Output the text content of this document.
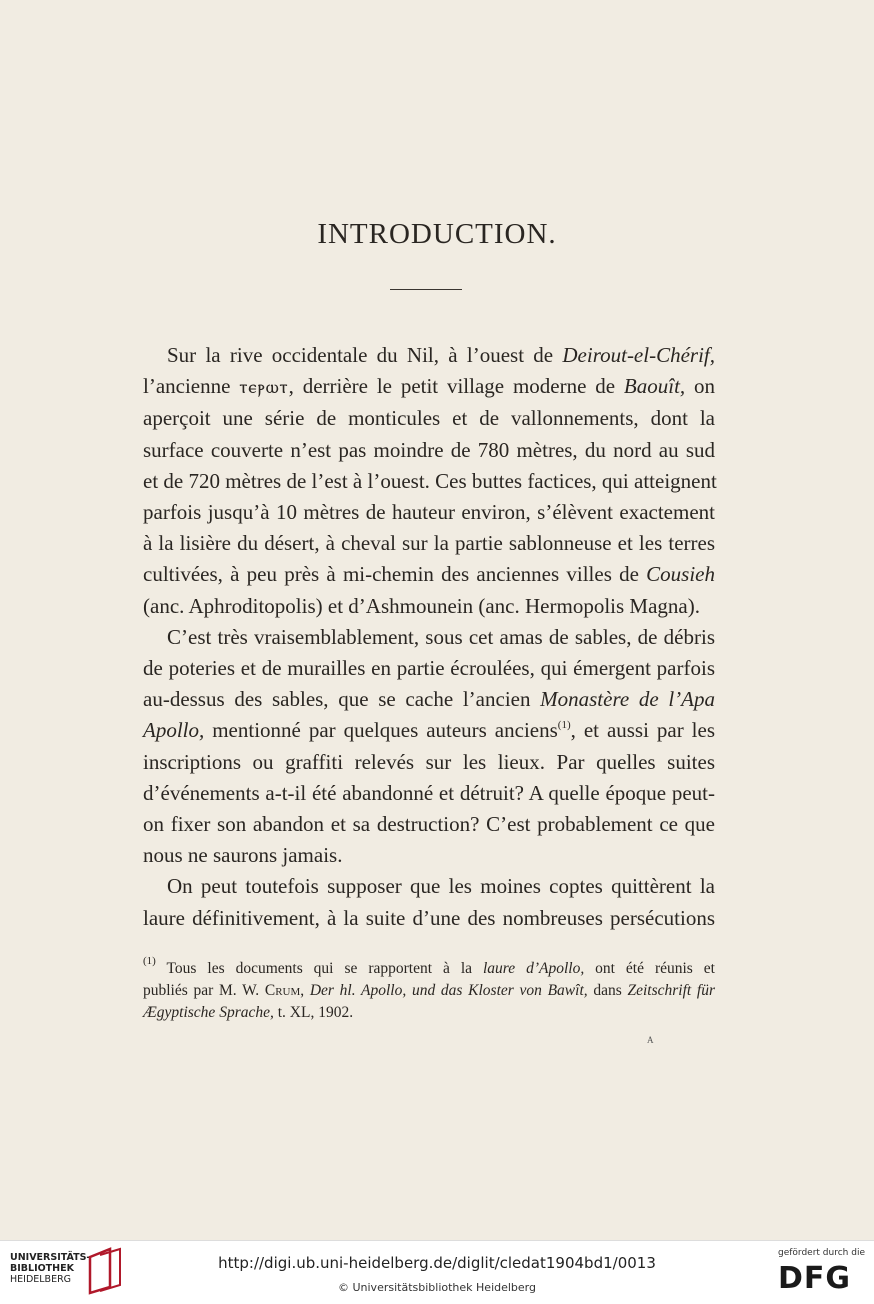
INTRODUCTION.
Sur la rive occidentale du Nil, à l’ouest de Deirout-el-Chérif,
l’ancienne ⲧⲉⲣⲱⲧ, derrière le petit village moderne de Baouît, on
aperçoit une série de monticules et de vallonnements, dont la
surface couverte n’est pas moindre de 780 mètres, du nord au sud
et de 720 mètres de l’est à l’ouest. Ces buttes factices, qui atteignent
parfois jusqu’à 10 mètres de hauteur environ, s’élèvent exactement
à la lisière du désert, à cheval sur la partie sablonneuse et les terres
cultivées, à peu près à mi-chemin des anciennes villes de Cousieh
(anc. Aphroditopolis) et d’Ashmounein (anc. Hermopolis Magna).
C’est très vraisemblablement, sous cet amas de sables, de débris
de poteries et de murailles en partie écroulées, qui émergent parfois
au-dessus des sables, que se cache l’ancien Monastère de l’Apa
Apollo, mentionné par quelques auteurs anciens$^{(1)}$, et aussi par les
inscriptions ou graffiti relevés sur les lieux. Par quelles suites
d’événements a-t-il été abandonné et détruit? A quelle époque peut-
on fixer son abandon et sa destruction? C’est probablement ce que
nous ne saurons jamais.
On peut toutefois supposer que les moines coptes quittèrent la
laure définitivement, à la suite d’une des nombreuses persécutions
$^{(1)}$ Tous les documents qui se rapportent à la laure d’Apollo, ont été réunis et
publiés par M. W. Crum, Der hl. Apollo, und das Kloster von Bawît, dans Zeitschrift für
Ægyptische Sprache, t. XL, 1902.
A
UNIVERSITÄTS-
BIBLIOTHEK
HEIDELBERG
http://digi.ub.uni-heidelberg.de/diglit/cledat1904bd1/0013
© Universitätsbibliothek Heidelberg
gefördert durch die
DFG
